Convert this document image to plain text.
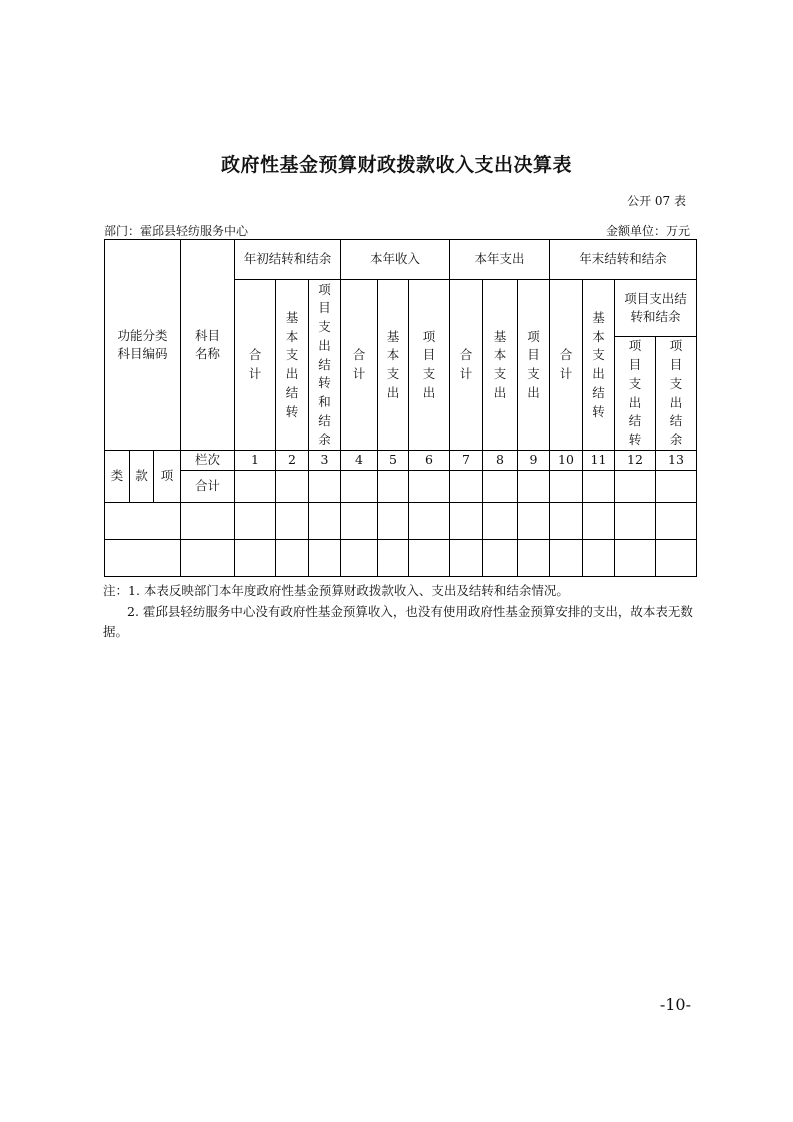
政府性基金预算财政拨款收入支出决算表
公开 07 表
部门：霍邱县轻纺服务中心	金额单位：万元
功能分类科目编码			科目名称	年初结转和结余			本年收入			本年支出			年末结转和结余			
				合计	基本支出结转	项目支出结转和结余	合计	基本支出	项目支出	合计	基本支出	项目支出	合计	基本支出结转	项目支出结转和结余	
															项目支出结转	项目支出结余
类	款	项	栏次	1	2	3	4	5	6	7	8	9	10	11	12	13
			合计													

注：1. 本表反映部门本年度政府性基金预算财政拨款收入、支出及结转和结余情况。

2. 霍邱县轻纺服务中心没有政府性基金预算收入，也没有使用政府性基金预算安排的支出，故本表无数据。

-10-
